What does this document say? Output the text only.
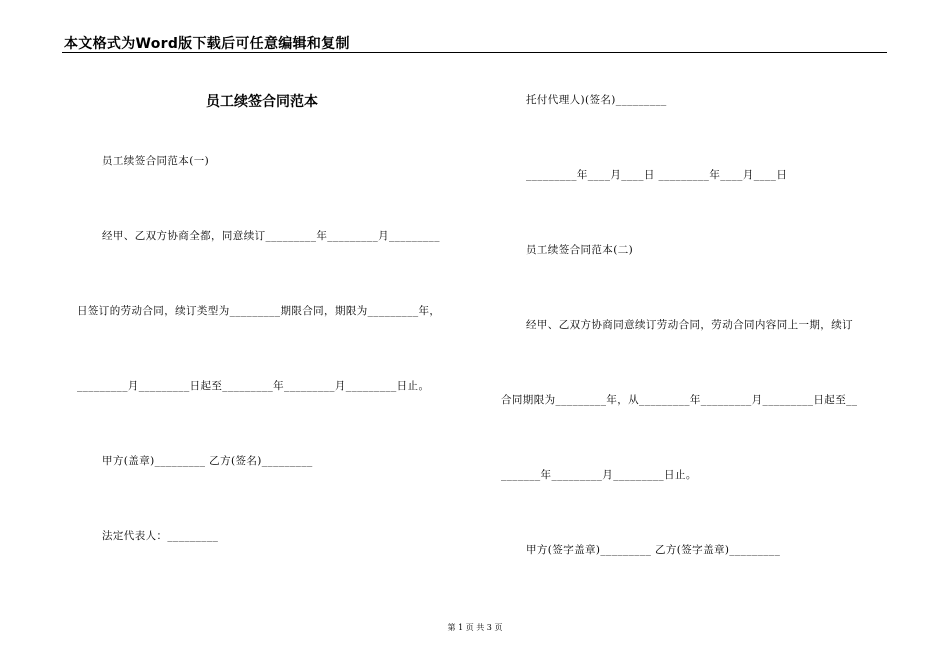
本文格式为Word版下载后可任意编辑和复制
员工续签合同范本
员工续签合同范本(一)
经甲、乙双方协商全都，同意续订_________年_________月_________
日签订的劳动合同，续订类型为_________期限合同，期限为_________年，
_________月_________日起至_________年_________月_________日止。
甲方(盖章)_________ 乙方(签名)_________
法定代表人：_________
托付代理人)(签名)_________
_________年____月____日 _________年____月____日
员工续签合同范本(二)
经甲、乙双方协商同意续订劳动合同，劳动合同内容同上一期，续订
合同期限为_________年，从_________年_________月_________日起至__
_______年_________月_________日止。
甲方(签字盖章)_________ 乙方(签字盖章)_________
第 1 页 共 3 页
